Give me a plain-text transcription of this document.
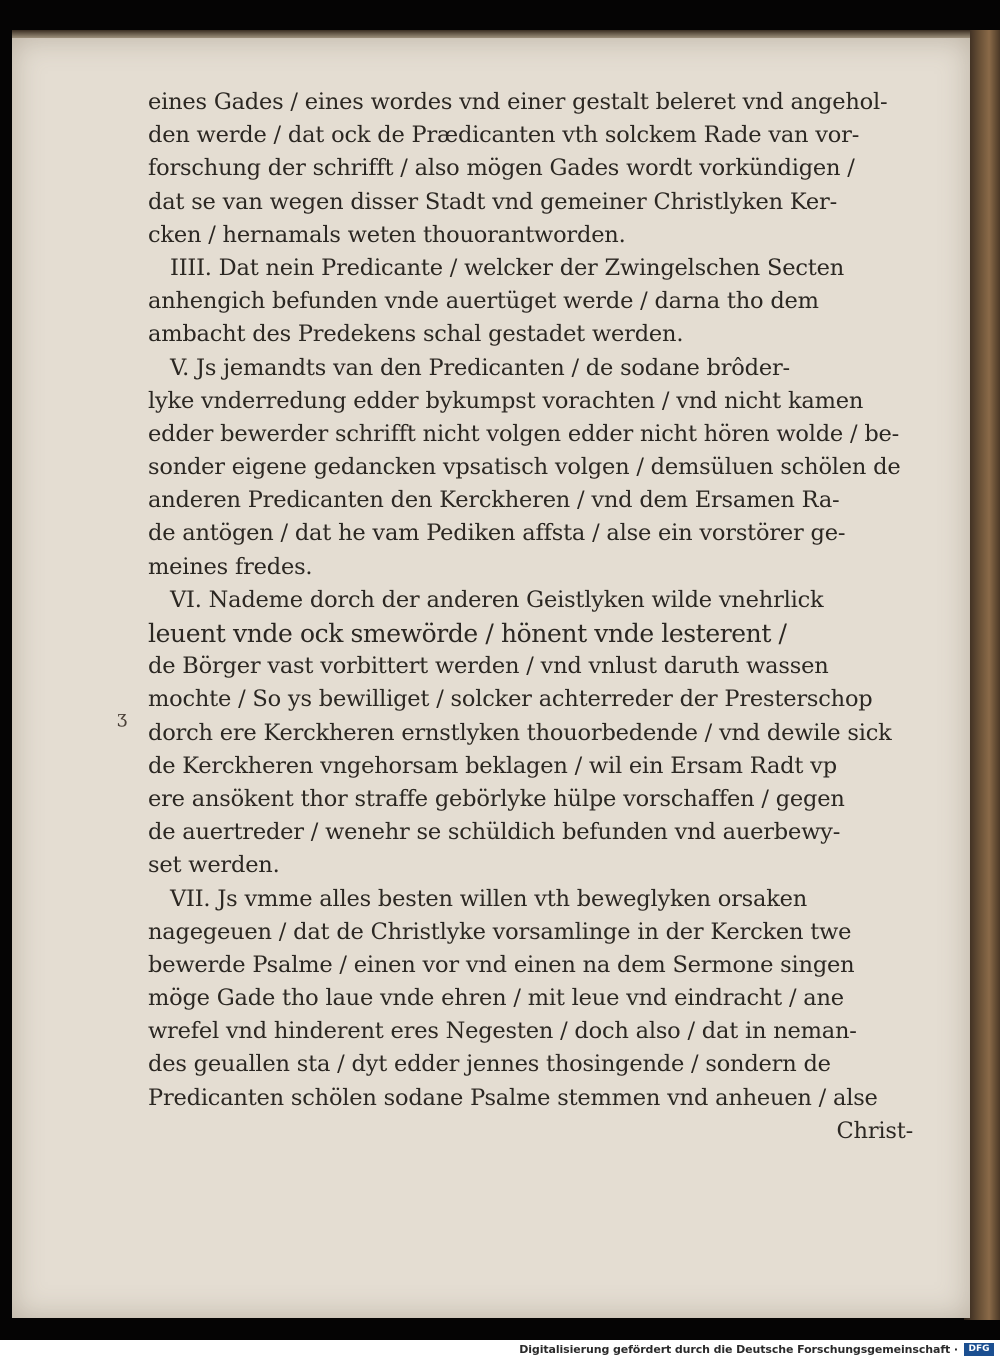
eines Gades / eines wordes vnd einer gestalt beleret vnd angehol-
den werde / dat ock de Prædicanten vth solckem Rade van vor-
forschung der schrifft / also mögen Gades wordt vorkündigen /
dat se van wegen disser Stadt vnd gemeiner Christlyken Ker-
cken / hernamals weten thouorantworden.
IIII. Dat nein Predicante / welcker der Zwingelschen Secten
anhengich befunden vnde auertüget werde / darna tho dem
ambacht des Predekens schal gestadet werden.
V. Js jemandts van den Predicanten / de sodane brôder-
lyke vnderredung edder bykumpst vorachten / vnd nicht kamen
edder bewerder schrifft nicht volgen edder nicht hören wolde / be-
sonder eigene gedancken vpsatisch volgen / demsüluen schölen de
anderen Predicanten den Kerckheren / vnd dem Ersamen Ra-
de antögen / dat he vam Pediken affsta / alse ein vorstörer ge-
meines fredes.
VI. Nademe dorch der anderen Geistlyken wilde vnehrlick
leuent vnde ock smewörde / hönent vnde lesterent /
de Börger vast vorbittert werden / vnd vnlust daruth wassen
mochte / So ys bewilliget / solcker achterreder der Presterschop
dorch ere Kerckheren ernstlyken thouorbedende / vnd dewile sick
de Kerckheren vngehorsam beklagen / wil ein Ersam Radt vp
ere ansökent thor straffe gebörlyke hülpe vorschaffen / gegen
de auertreder / wenehr se schüldich befunden vnd auerbewy-
set werden.
VII. Js vmme alles besten willen vth beweglyken orsaken
nagegeuen / dat de Christlyke vorsamlinge in der Kercken twe
bewerde Psalme / einen vor vnd einen na dem Sermone singen
möge Gade tho laue vnde ehren / mit leue vnd eindracht / ane
wrefel vnd hinderent eres Negesten / doch also / dat in neman-
des geuallen sta / dyt edder jennes thosingende / sondern de
Predicanten schölen sodane Psalme stemmen vnd anheuen / alse
Christ-
ʒ
Digitalisierung gefördert durch die Deutsche Forschungsgemeinschaft ·	DFG
